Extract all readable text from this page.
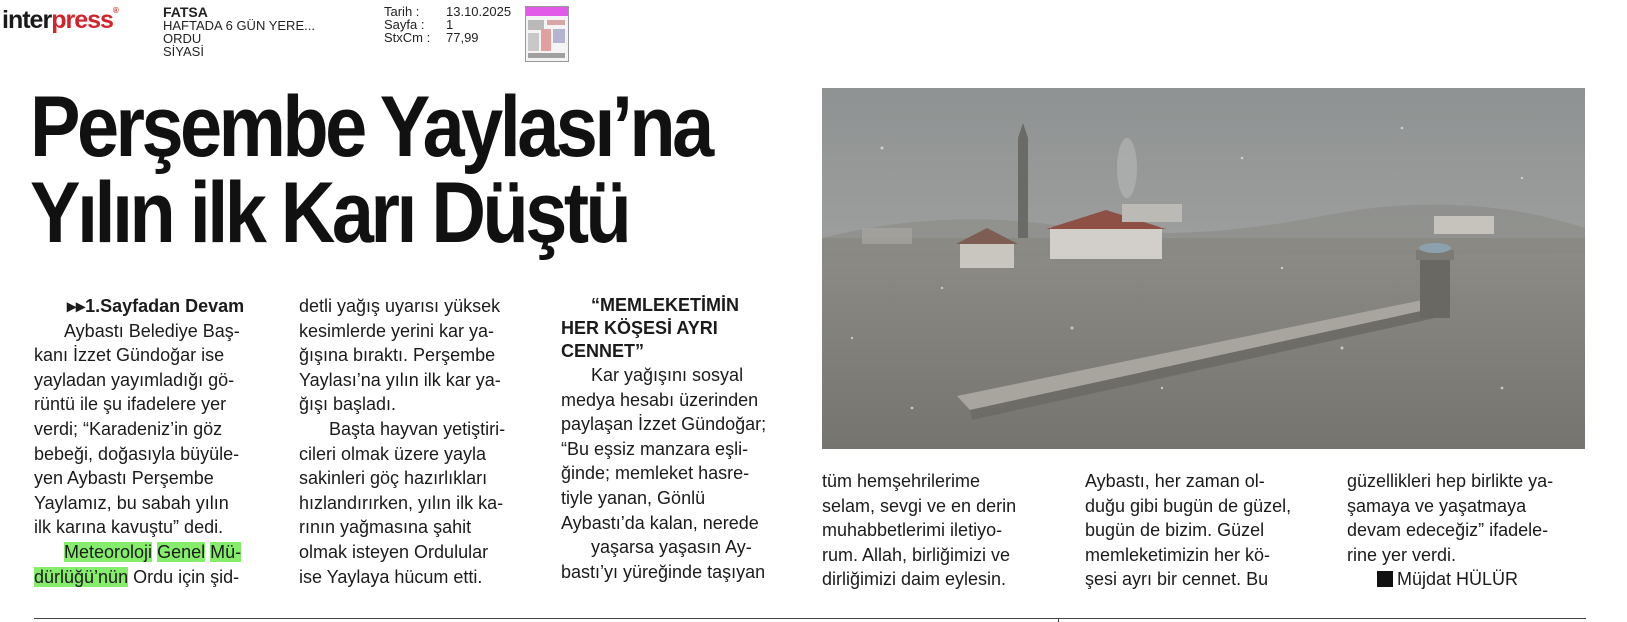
interpress®	FATSA
HAFTADA 6 GÜN YERE...
ORDU
SİYASİ
Tarih : 13.10.2025
Sayfa : 1
StxCm : 77,99
Perşembe Yaylası’na
Yılın ilk Karı Düştü

▸▸1.Sayfadan Devam

Aybastı Belediye Baş-

kanı İzzet Gündoğar ise

yayladan yayımladığı gö-

rüntü ile şu ifadelere yer

verdi; “Karadeniz’in göz

bebeği, doğasıyla büyüle-

yen Aybastı Perşembe

Yaylamız, bu sabah yılın

ilk karına kavuştu” dedi.

Meteoroloji Genel Mü-

dürlüğü’nün Ordu için şid-

detli yağış uyarısı yüksek

kesimlerde yerini kar ya-

ğışına bıraktı. Perşembe

Yaylası’na yılın ilk kar ya-

ğışı başladı.

Başta hayvan yetiştiri-

cileri olmak üzere yayla

sakinleri göç hazırlıkları

hızlandırırken, yılın ilk ka-

rının yağmasına şahit

olmak isteyen Ordulular

ise Yaylaya hücum etti.

“MEMLEKETİMİN

HER KÖŞESİ AYRI

CENNET”

Kar yağışını sosyal

medya hesabı üzerinden

paylaşan İzzet Gündoğar;

“Bu eşsiz manzara eşli-

ğinde; memleket hasre-

tiyle yanan, Gönlü

Aybastı’da kalan, nerede

yaşarsa yaşasın Ay-

bastı’yı yüreğinde taşıyan

tüm hemşehrilerime

selam, sevgi ve en derin

muhabbetlerimi iletiyo-

rum. Allah, birliğimizi ve

dirliğimizi daim eylesin.

Aybastı, her zaman ol-

duğu gibi bugün de güzel,

bugün de bizim. Güzel

memleketimizin her kö-

şesi ayrı bir cennet. Bu

güzellikleri hep birlikte ya-

şamaya ve yaşatmaya

devam edeceğiz” ifadele-

rine yer verdi.

Müjdat HÜLÜR
